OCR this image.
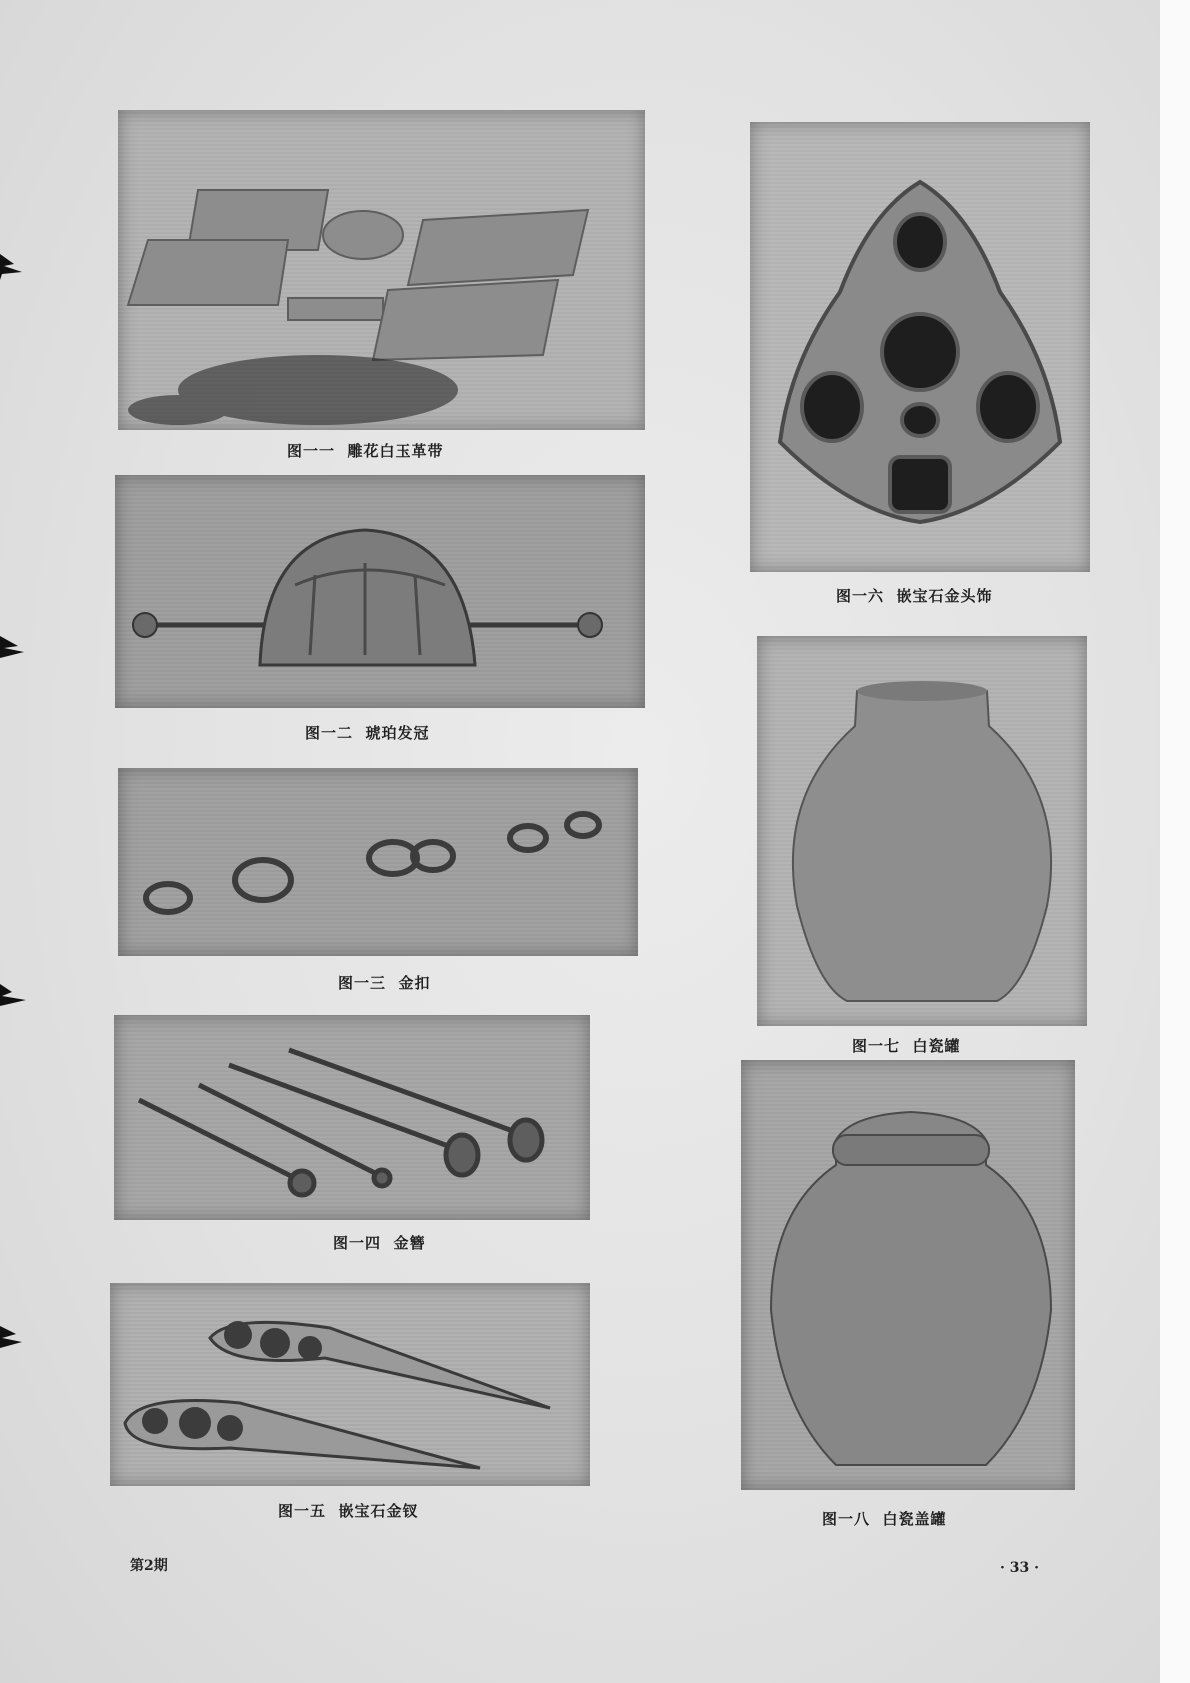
图一一  雕花白玉革带
图一二  琥珀发冠
图一三  金扣
图一四  金簪
图一五  嵌宝石金钗
图一六  嵌宝石金头饰
图一七  白瓷罐
图一八  白瓷盖罐
第2期	· 33 ·
